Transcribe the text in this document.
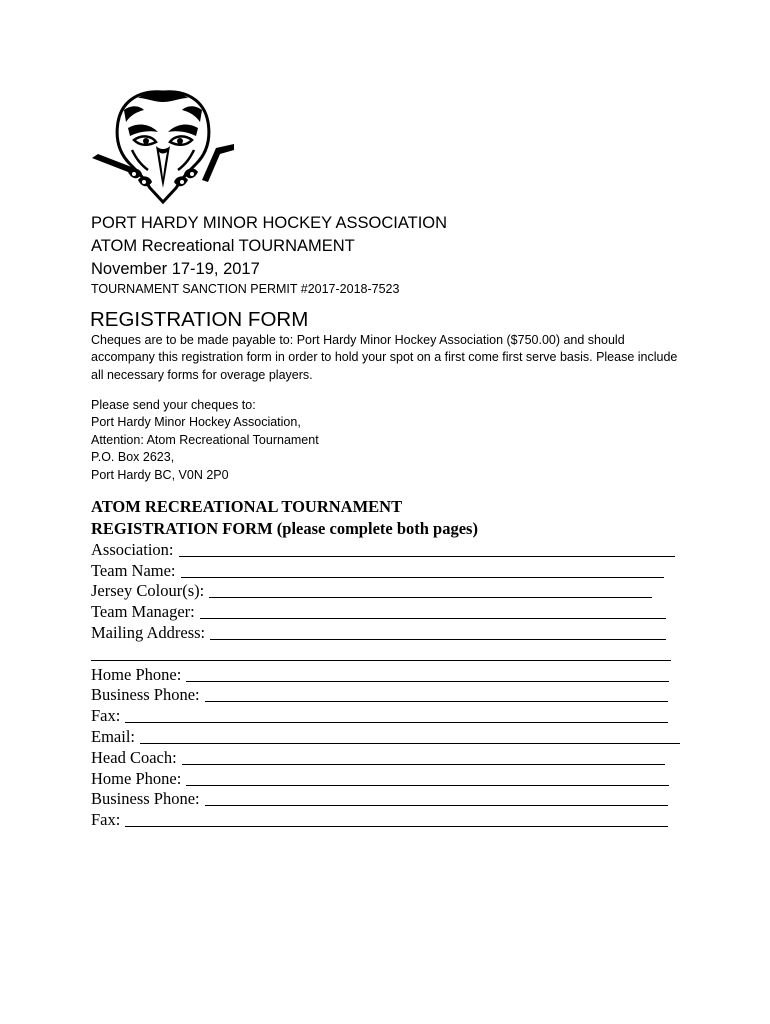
PORT HARDY MINOR HOCKEY ASSOCIATION
ATOM Recreational TOURNAMENT
November 17-19, 2017
TOURNAMENT SANCTION PERMIT #2017-2018-7523
REGISTRATION FORM

Cheques are to be made payable to: Port Hardy Minor Hockey Association ($750.00) and should accompany this registration form in order to hold your spot on a first come first serve basis. Please include all necessary forms for overage players.

Please send your cheques to:
Port Hardy Minor Hockey Association,
Attention: Atom Recreational Tournament
P.O. Box 2623,
Port Hardy BC, V0N 2P0
ATOM RECREATIONAL TOURNAMENT
REGISTRATION FORM (please complete both pages)
Association:
Team Name:
Jersey Colour(s):
Team Manager:
Mailing Address:
Home Phone:
Business Phone:
Fax:
Email:
Head Coach:
Home Phone:
Business Phone:
Fax:
